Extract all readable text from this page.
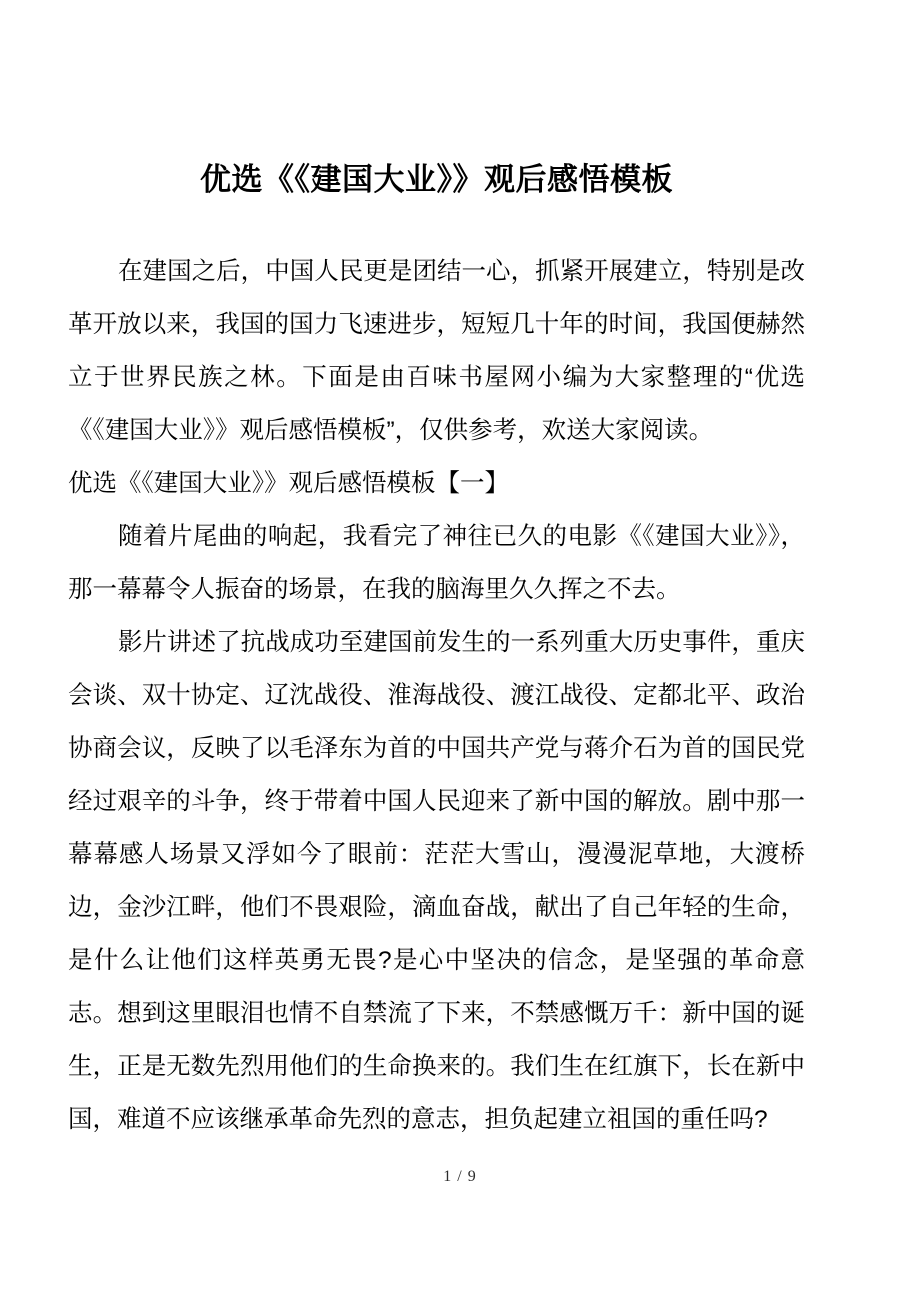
优选《《建国大业》》观后感悟模板

在建国之后，中国人民更是团结一心，抓紧开展建立，特别是改革开放以来，我国的国力飞速进步，短短几十年的时间，我国便赫然立于世界民族之林。下面是由百味书屋网小编为大家整理的“优选《《建国大业》》观后感悟模板”，仅供参考，欢送大家阅读。

优选《《建国大业》》观后感悟模板【一】

随着片尾曲的响起，我看完了神往已久的电影《《建国大业》》，那一幕幕令人振奋的场景，在我的脑海里久久挥之不去。

影片讲述了抗战成功至建国前发生的一系列重大历史事件，重庆会谈、双十协定、辽沈战役、淮海战役、渡江战役、定都北平、政治协商会议，反映了以毛泽东为首的中国共产党与蒋介石为首的国民党经过艰辛的斗争，终于带着中国人民迎来了新中国的解放。剧中那一幕幕感人场景又浮如今了眼前：茫茫大雪山，漫漫泥草地，大渡桥边，金沙江畔，他们不畏艰险，滴血奋战，献出了自己年轻的生命，是什么让他们这样英勇无畏?是心中坚决的信念，是坚强的革命意志。想到这里眼泪也情不自禁流了下来，不禁感慨万千：新中国的诞生，正是无数先烈用他们的生命换来的。我们生在红旗下，长在新中国，难道不应该继承革命先烈的意志，担负起建立祖国的重任吗?

1 / 9
